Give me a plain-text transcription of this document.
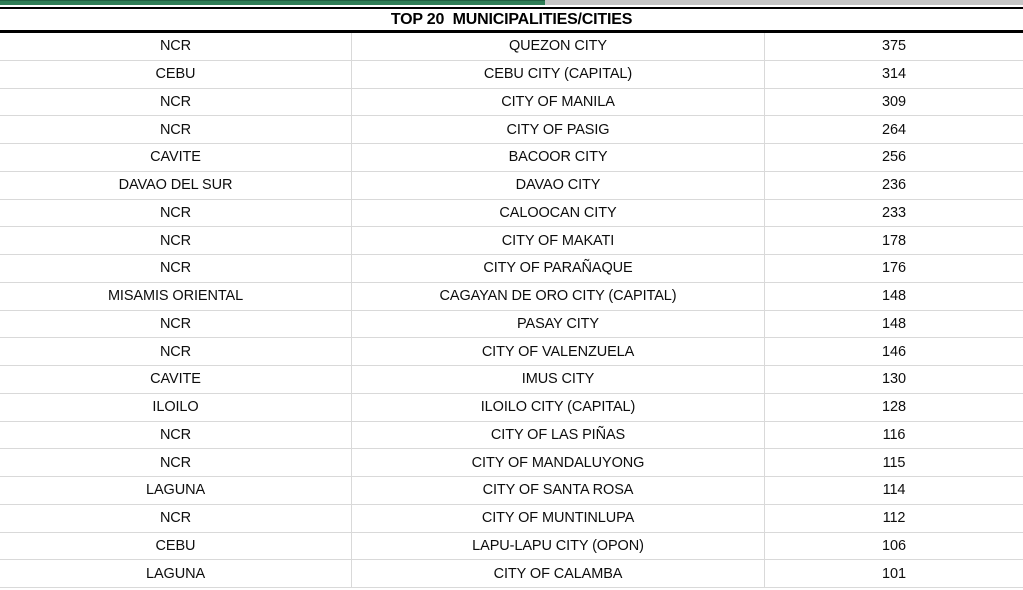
TOP 20  MUNICIPALITIES/CITIES
NCR	QUEZON CITY	375
CEBU	CEBU CITY (CAPITAL)	314
NCR	CITY OF MANILA	309
NCR	CITY OF PASIG	264
CAVITE	BACOOR CITY	256
DAVAO DEL SUR	DAVAO CITY	236
NCR	CALOOCAN CITY	233
NCR	CITY OF MAKATI	178
NCR	CITY OF PARAÑAQUE	176
MISAMIS ORIENTAL	CAGAYAN DE ORO CITY (CAPITAL)	148
NCR	PASAY CITY	148
NCR	CITY OF VALENZUELA	146
CAVITE	IMUS CITY	130
ILOILO	ILOILO CITY (CAPITAL)	128
NCR	CITY OF LAS PIÑAS	116
NCR	CITY OF MANDALUYONG	115
LAGUNA	CITY OF SANTA ROSA	114
NCR	CITY OF MUNTINLUPA	112
CEBU	LAPU-LAPU CITY (OPON)	106
LAGUNA	CITY OF CALAMBA	101
